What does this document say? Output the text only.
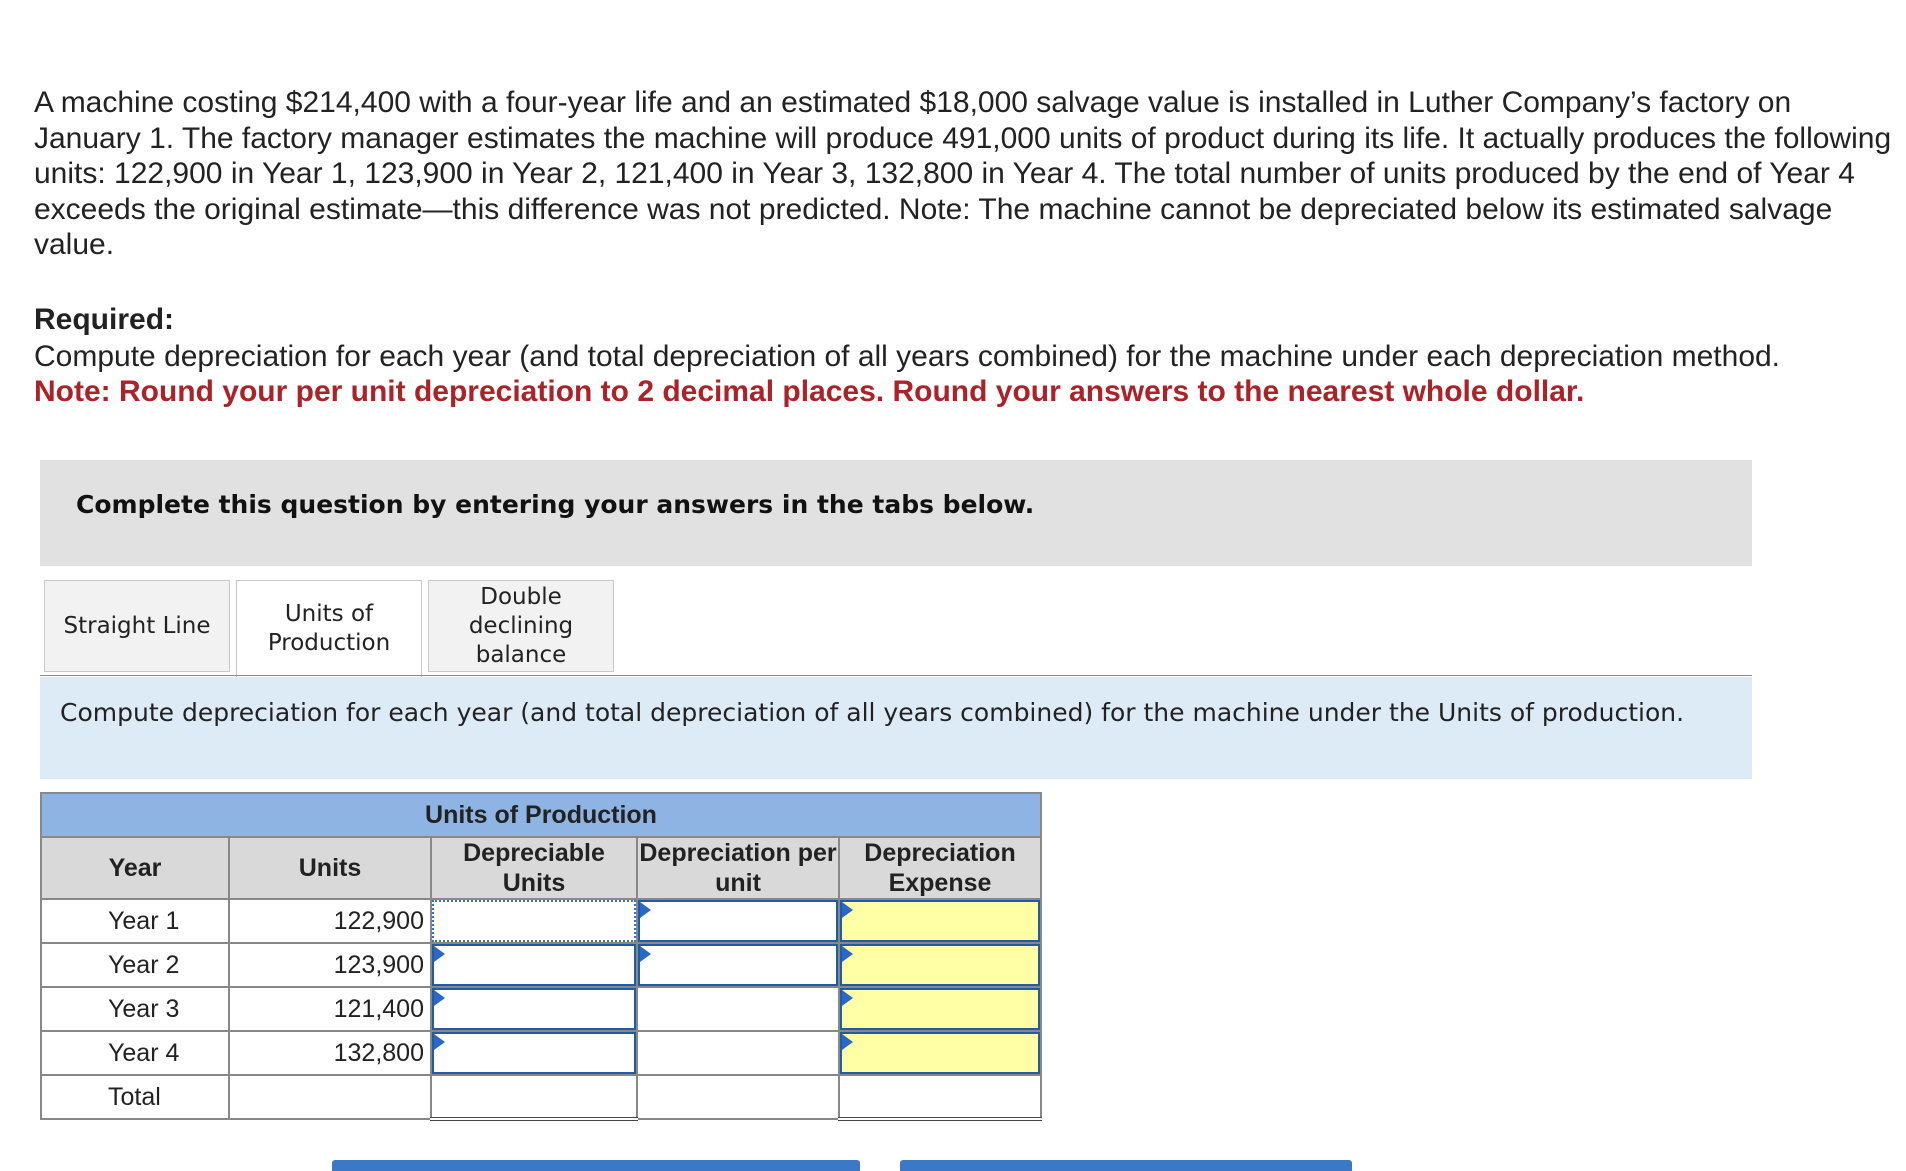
A machine costing $214,400 with a four-year life and an estimated $18,000 salvage value is installed in Luther Company’s factory on January 1. The factory manager estimates the machine will produce 491,000 units of product during its life. It actually produces the following units: 122,900 in Year 1, 123,900 in Year 2, 121,400 in Year 3, 132,800 in Year 4. The total number of units produced by the end of Year 4 exceeds the original estimate—this difference was not predicted. Note: The machine cannot be depreciated below its estimated salvage value.
Required:
Compute depreciation for each year (and total depreciation of all years combined) for the machine under each depreciation method.
Note: Round your per unit depreciation to 2 decimal places. Round your answers to the nearest whole dollar.
Complete this question by entering your answers in the tabs below.
Straight Line	Units of Production
Double declining balance
Compute depreciation for each year (and total depreciation of all years combined) for the machine under the Units of production.
Units of Production				
Year	Units	Depreciable Units	Depreciation per unit	Depreciation Expense
Year 1	122,900	

Year 2	123,900	

Year 3	121,400	

Year 4	132,800	

Total				
